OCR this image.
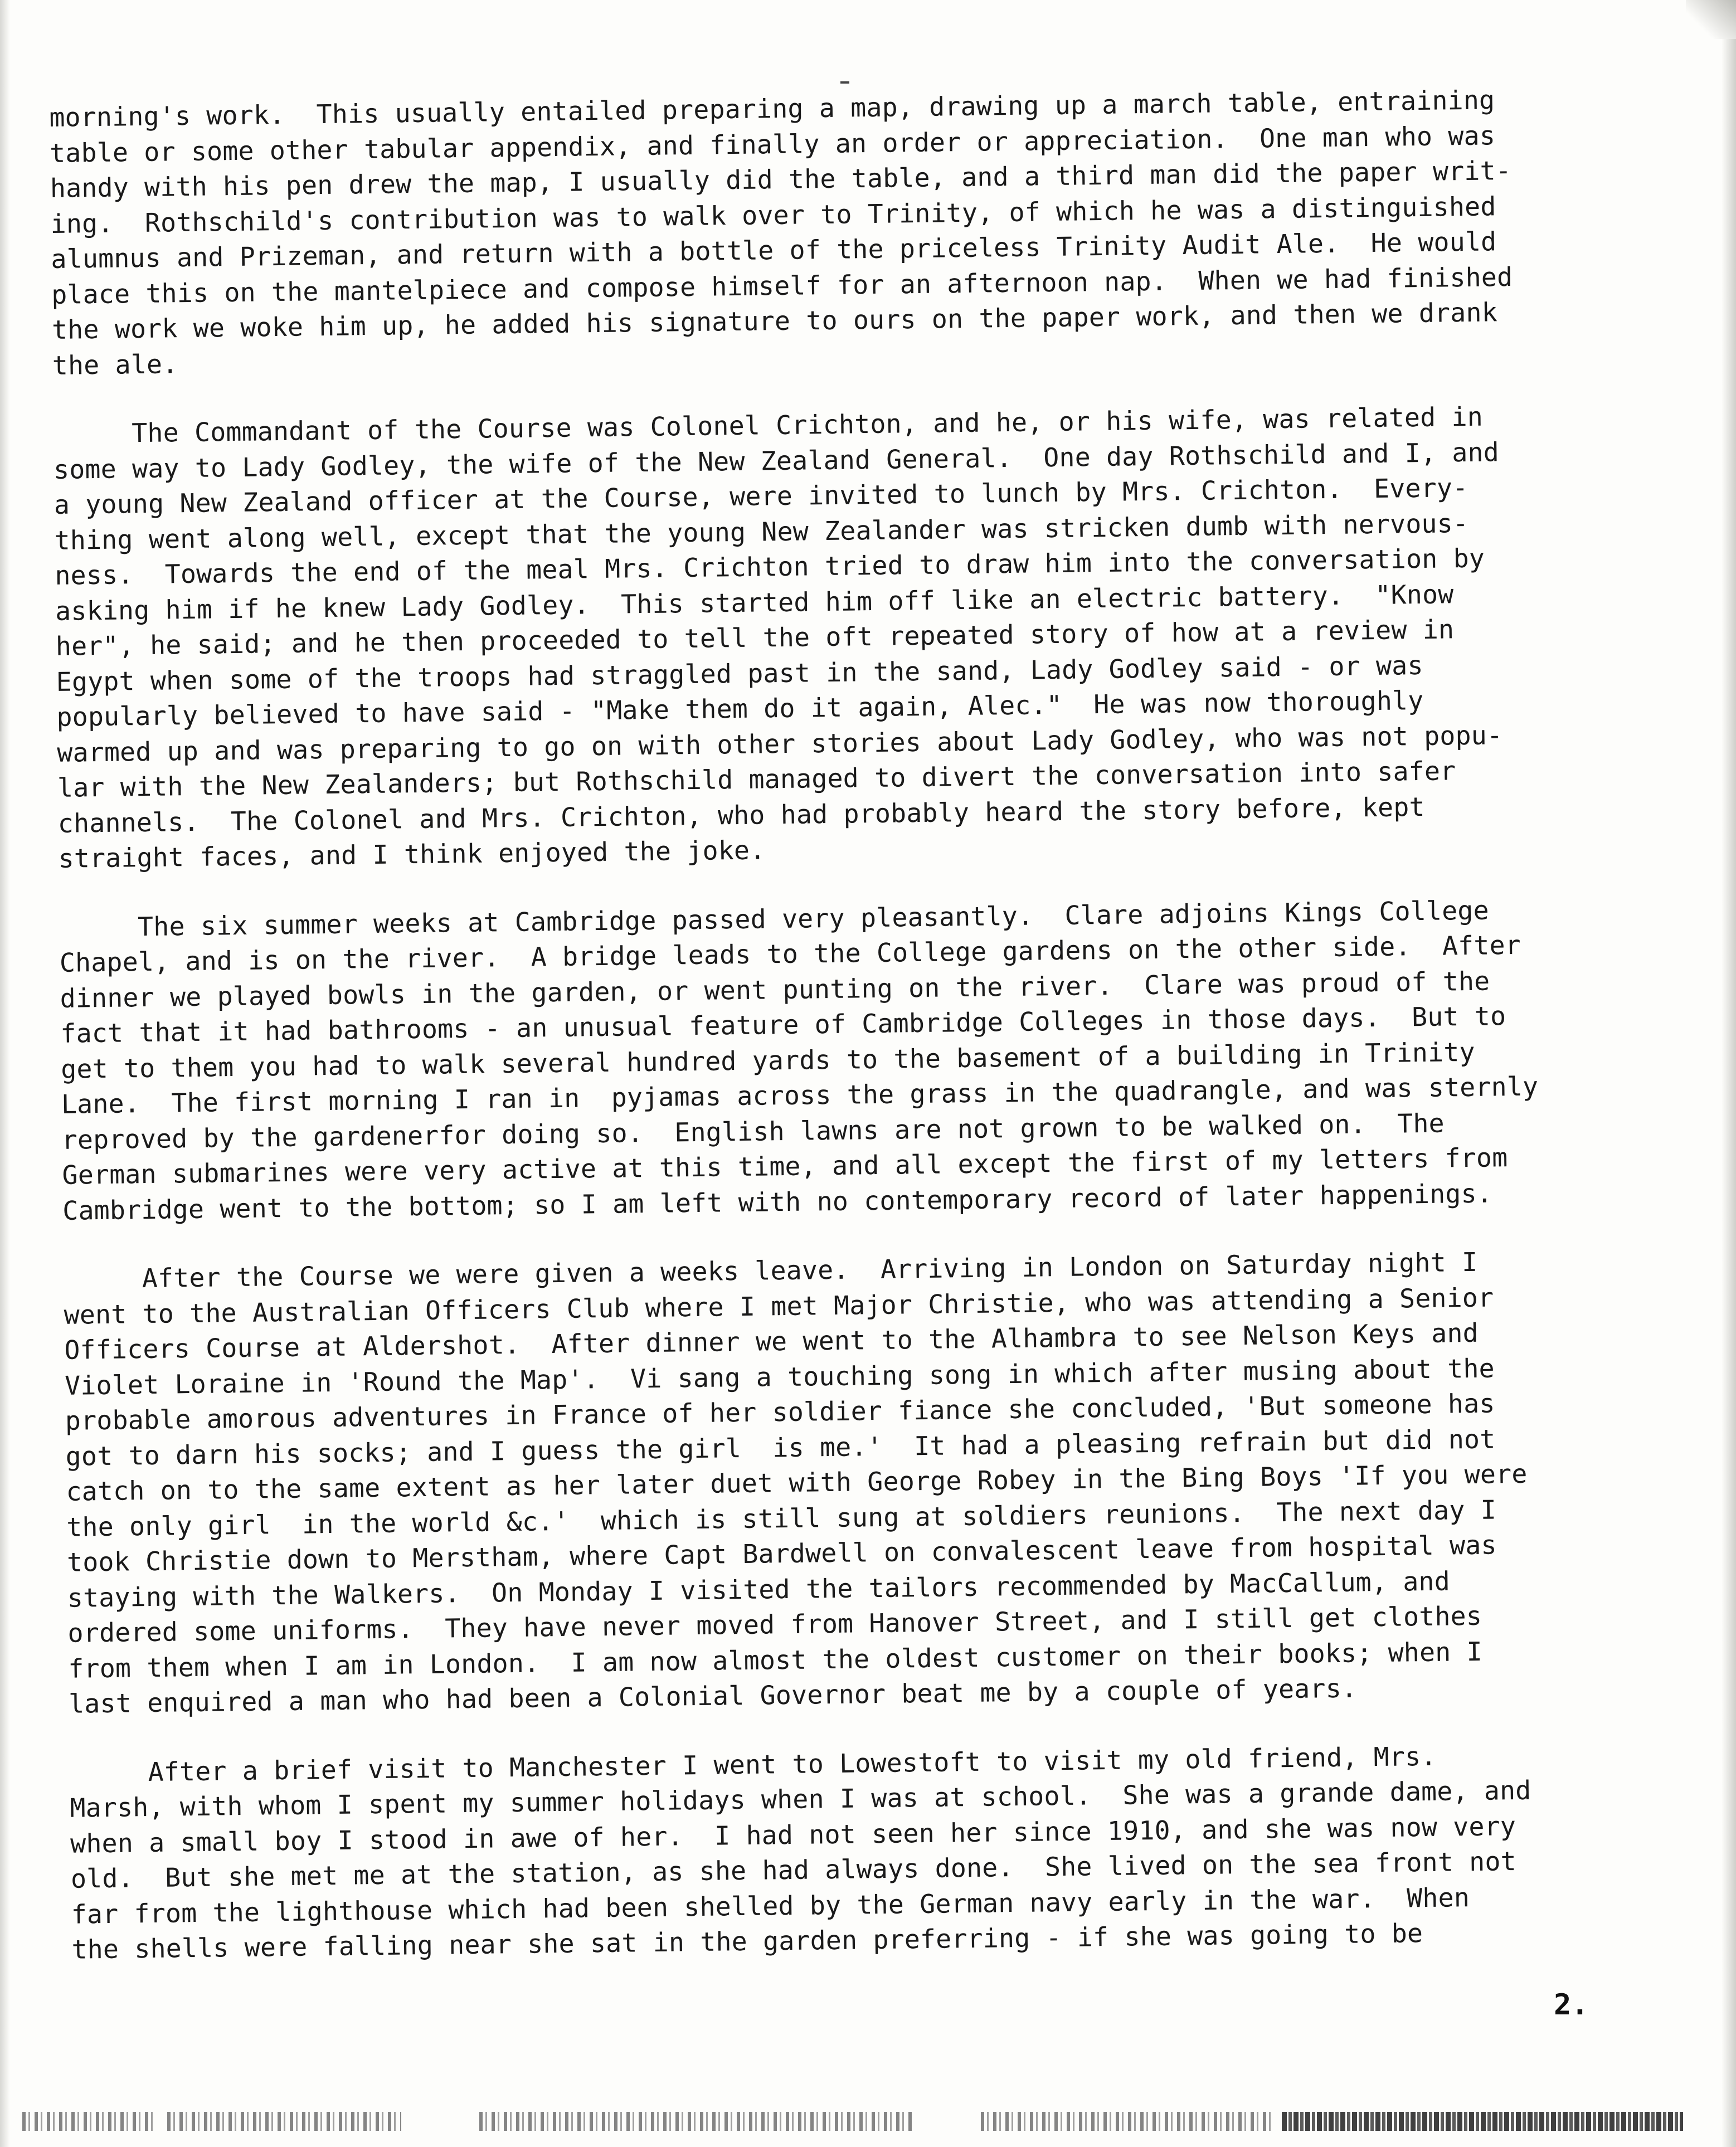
morning's work.  This usually entailed preparing a map, drawing up a march table, entraining
table or some other tabular appendix, and finally an order or appreciation.  One man who was
handy with his pen drew the map, I usually did the table, and a third man did the paper writ-
ing.  Rothschild's contribution was to walk over to Trinity, of which he was a distinguished
alumnus and Prizeman, and return with a bottle of the priceless Trinity Audit Ale.  He would
place this on the mantelpiece and compose himself for an afternoon nap.  When we had finished
the work we woke him up, he added his signature to ours on the paper work, and then we drank
the ale.
The Commandant of the Course was Colonel Crichton, and he, or his wife, was related in
some way to Lady Godley, the wife of the New Zealand General.  One day Rothschild and I, and
a young New Zealand officer at the Course, were invited to lunch by Mrs. Crichton.  Every-
thing went along well, except that the young New Zealander was stricken dumb with nervous-
ness.  Towards the end of the meal Mrs. Crichton tried to draw him into the conversation by
asking him if he knew Lady Godley.  This started him off like an electric battery.  "Know
her", he said; and he then proceeded to tell the oft repeated story of how at a review in
Egypt when some of the troops had straggled past in the sand, Lady Godley said - or was
popularly believed to have said - "Make them do it again, Alec."  He was now thoroughly
warmed up and was preparing to go on with other stories about Lady Godley, who was not popu-
lar with the New Zealanders; but Rothschild managed to divert the conversation into safer
channels.  The Colonel and Mrs. Crichton, who had probably heard the story before, kept
straight faces, and I think enjoyed the joke.
The six summer weeks at Cambridge passed very pleasantly.  Clare adjoins Kings College
Chapel, and is on the river.  A bridge leads to the College gardens on the other side.  After
dinner we played bowls in the garden, or went punting on the river.  Clare was proud of the
fact that it had bathrooms - an unusual feature of Cambridge Colleges in those days.  But to
get to them you had to walk several hundred yards to the basement of a building in Trinity
Lane.  The first morning I ran in  pyjamas across the grass in the quadrangle, and was sternly
reproved by the gardenerfor doing so.  English lawns are not grown to be walked on.  The
German submarines were very active at this time, and all except the first of my letters from
Cambridge went to the bottom; so I am left with no contemporary record of later happenings.
After the Course we were given a weeks leave.  Arriving in London on Saturday night I
went to the Australian Officers Club where I met Major Christie, who was attending a Senior
Officers Course at Aldershot.  After dinner we went to the Alhambra to see Nelson Keys and
Violet Loraine in 'Round the Map'.  Vi sang a touching song in which after musing about the
probable amorous adventures in France of her soldier fiance she concluded, 'But someone has
got to darn his socks; and I guess the girl  is me.'  It had a pleasing refrain but did not
catch on to the same extent as her later duet with George Robey in the Bing Boys 'If you were
the only girl  in the world &c.'  which is still sung at soldiers reunions.  The next day I
took Christie down to Merstham, where Capt Bardwell on convalescent leave from hospital was
staying with the Walkers.  On Monday I visited the tailors recommended by MacCallum, and
ordered some uniforms.  They have never moved from Hanover Street, and I still get clothes
from them when I am in London.  I am now almost the oldest customer on their books; when I
last enquired a man who had been a Colonial Governor beat me by a couple of years.
After a brief visit to Manchester I went to Lowestoft to visit my old friend, Mrs.
Marsh, with whom I spent my summer holidays when I was at school.  She was a grande dame, and
when a small boy I stood in awe of her.  I had not seen her since 1910, and she was now very
old.  But she met me at the station, as she had always done.  She lived on the sea front not
far from the lighthouse which had been shelled by the German navy early in the war.  When
the shells were falling near she sat in the garden preferring - if she was going to be
2.
